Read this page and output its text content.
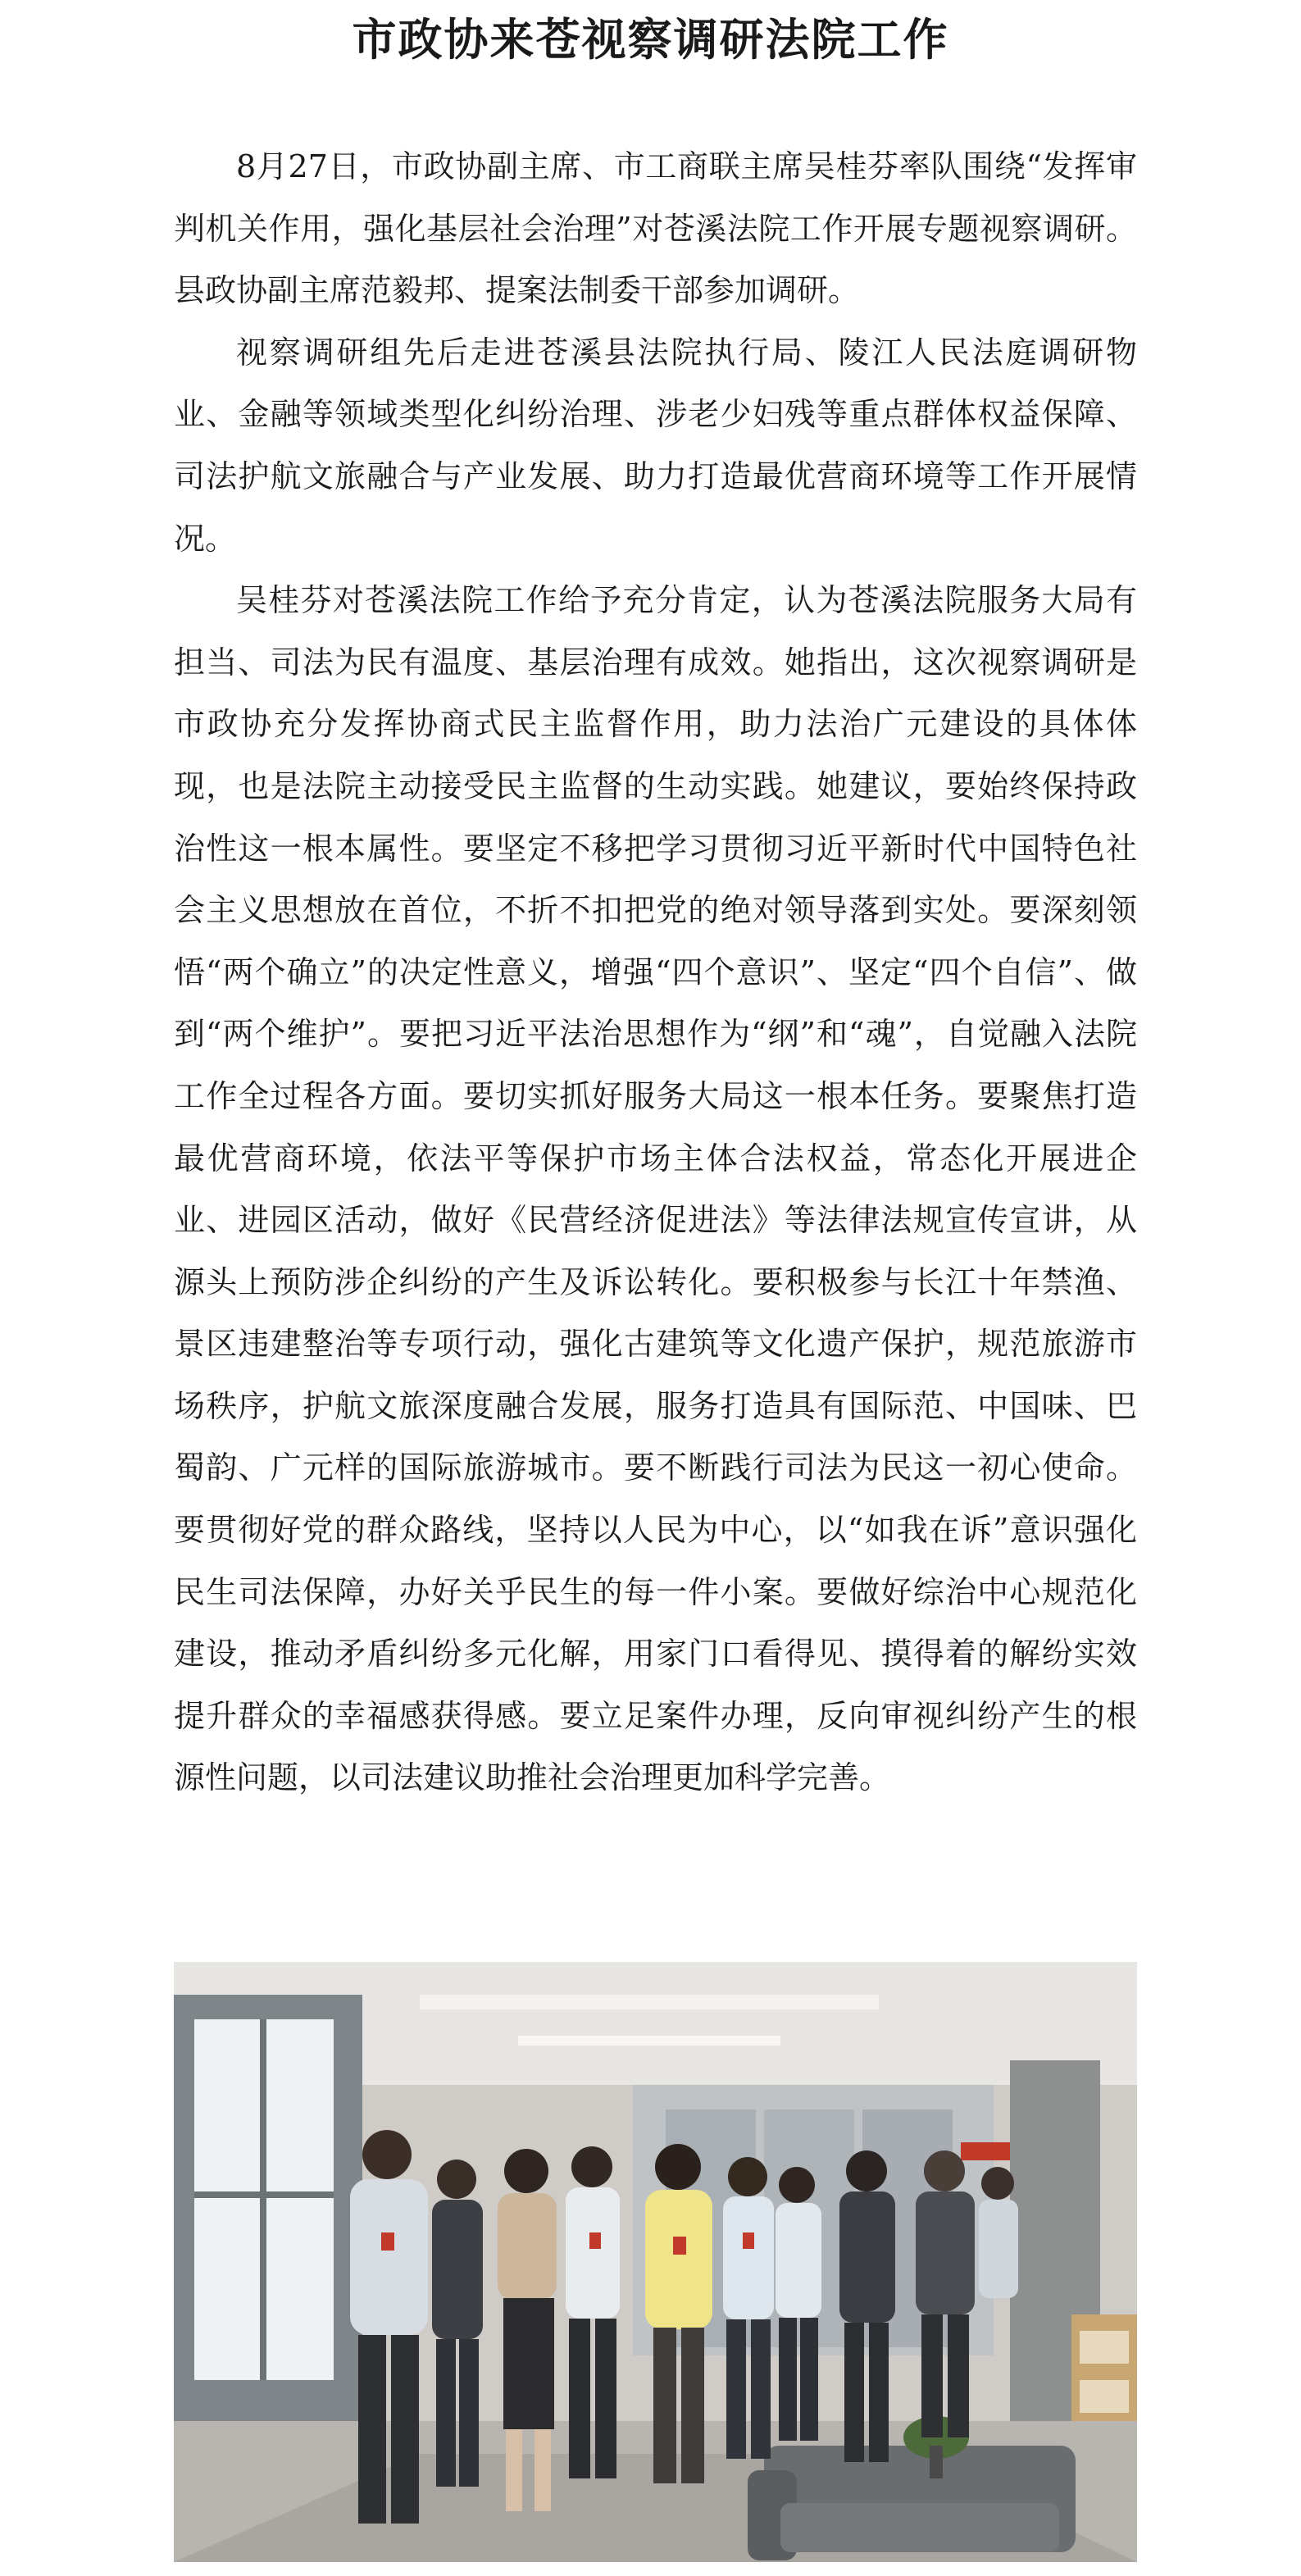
市政协来苍视察调研法院工作

8月27日，市政协副主席、市工商联主席吴桂芬率队围绕“发挥审判机关作用，强化基层社会治理”对苍溪法院工作开展专题视察调研。县政协副主席范毅邦、提案法制委干部参加调研。

视察调研组先后走进苍溪县法院执行局、陵江人民法庭调研物业、金融等领域类型化纠纷治理、涉老少妇残等重点群体权益保障、司法护航文旅融合与产业发展、助力打造最优营商环境等工作开展情况。

吴桂芬对苍溪法院工作给予充分肯定，认为苍溪法院服务大局有担当、司法为民有温度、基层治理有成效。她指出，这次视察调研是市政协充分发挥协商式民主监督作用，助力法治广元建设的具体体现，也是法院主动接受民主监督的生动实践。她建议，要始终保持政治性这一根本属性。要坚定不移把学习贯彻习近平新时代中国特色社会主义思想放在首位，不折不扣把党的绝对领导落到实处。要深刻领悟“两个确立”的决定性意义，增强“四个意识”、坚定“四个自信”、做到“两个维护”。要把习近平法治思想作为“纲”和“魂”，自觉融入法院工作全过程各方面。要切实抓好服务大局这一根本任务。要聚焦打造最优营商环境，依法平等保护市场主体合法权益，常态化开展进企业、进园区活动，做好《民营经济促进法》等法律法规宣传宣讲，从源头上预防涉企纠纷的产生及诉讼转化。要积极参与长江十年禁渔、景区违建整治等专项行动，强化古建筑等文化遗产保护，规范旅游市场秩序，护航文旅深度融合发展，服务打造具有国际范、中国味、巴蜀韵、广元样的国际旅游城市。要不断践行司法为民这一初心使命。要贯彻好党的群众路线，坚持以人民为中心，以“如我在诉”意识强化民生司法保障，办好关乎民生的每一件小案。要做好综治中心规范化建设，推动矛盾纠纷多元化解，用家门口看得见、摸得着的解纷实效提升群众的幸福感获得感。要立足案件办理，反向审视纠纷产生的根源性问题，以司法建议助推社会治理更加科学完善。
